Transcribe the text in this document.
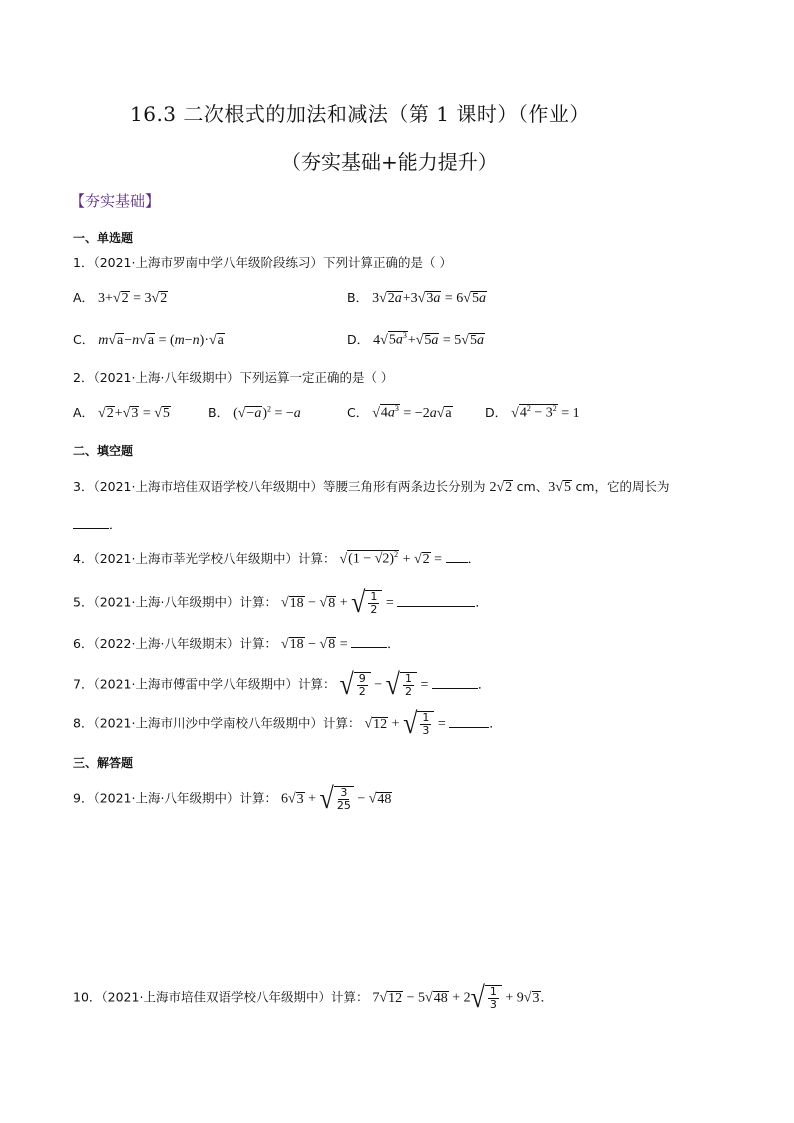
16.3 二次根式的加法和减法（第 1 课时）（作业）
（夯实基础+能力提升）
【夯实基础】
一、单选题
1．（2021·上海市罗南中学八年级阶段练习）下列计算正确的是（ ）
A． 3+√2 = 3√2	B． 3√2a+3√3a = 6√5a
C． m√a−n√a = (m−n)·√a	D． $4√5a^3+√5a = 5√5a$
2．（2021·上海·八年级期中）下列运算一定正确的是（ ）
A． √2+√3 = √5	B． $(√-a)^2 = -a$	C． $√4a^3 = -2a√a$	D． $√4^2 - 3^2 = 1$
二、填空题
3．（2021·上海市培佳双语学校八年级期中）等腰三角形有两条边长分别为 2√2 cm、3√5 cm，它的周长为
．
4．（2021·上海市莘光学校八年级期中）计算： $√(1 - √2)^2 + √2$ = ．
5．（2021·上海·八年级期中）计算： √18 − √8 + √ $\frac{1}{2}$ =	．
6．（2022·上海·八年级期末）计算： √18 − √8 =	．
7．（2021·上海市傅雷中学八年级期中）计算： √ $\frac{9}{2}$ − √ $\frac{1}{2}$ =	．
8．（2021·上海市川沙中学南校八年级期中）计算： √12 + √ $\frac{1}{3}$ =	．
三、解答题
9．（2021·上海·八年级期中）计算： 6√3 + √ $\frac{3}{25} - √48$
10．（2021·上海市培佳双语学校八年级期中）计算： 7√12 − 5√48 + 2 √ $\frac{1}{3} + 9√3$．
